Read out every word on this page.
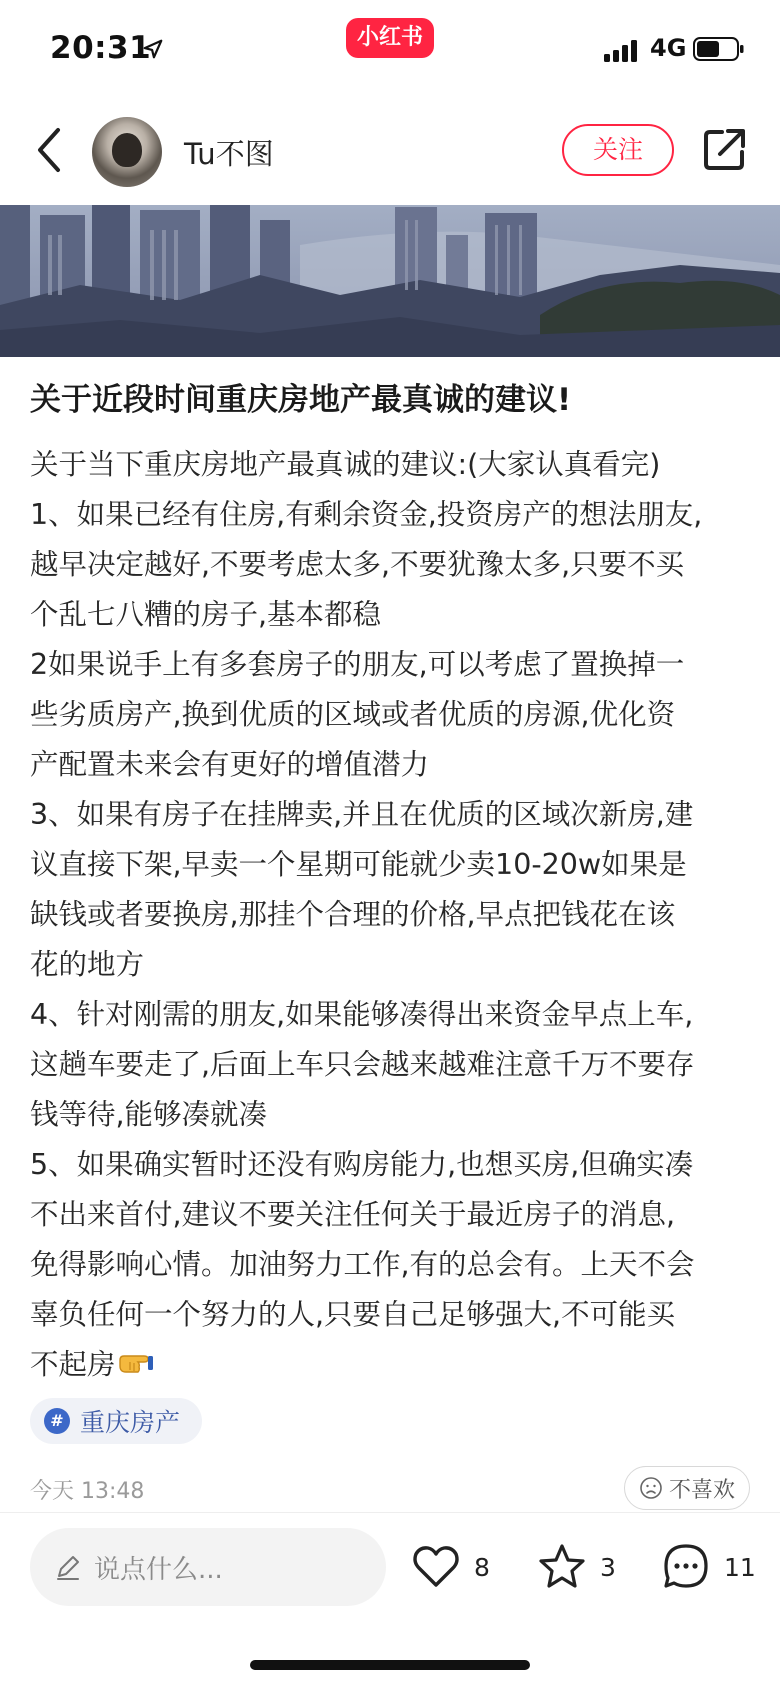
20:31	小红书	4G
Tu不图	关注
关于近段时间重庆房地产最真诚的建议!

关于当下重庆房地产最真诚的建议:(大家认真看完)

1、如果已经有住房,有剩余资金,投资房产的想法朋友,

越早决定越好,不要考虑太多,不要犹豫太多,只要不买

个乱七八糟的房子,基本都稳

2如果说手上有多套房子的朋友,可以考虑了置换掉一

些劣质房产,换到优质的区域或者优质的房源,优化资

产配置未来会有更好的增值潜力

3、如果有房子在挂牌卖,并且在优质的区域次新房,建

议直接下架,早卖一个星期可能就少卖10-20w如果是

缺钱或者要换房,那挂个合理的价格,早点把钱花在该

花的地方

4、针对刚需的朋友,如果能够凑得出来资金早点上车,

这趟车要走了,后面上车只会越来越难注意千万不要存

钱等待,能够凑就凑

5、如果确实暂时还没有购房能力,也想买房,但确实凑

不出来首付,建议不要关注任何关于最近房子的消息,

免得影响心情。加油努力工作,有的总会有。上天不会

辜负任何一个努力的人,只要自己足够强大,不可能买

不起房

# 重庆房产
今天 13:48	不喜欢
说点什么...	8	3	11
